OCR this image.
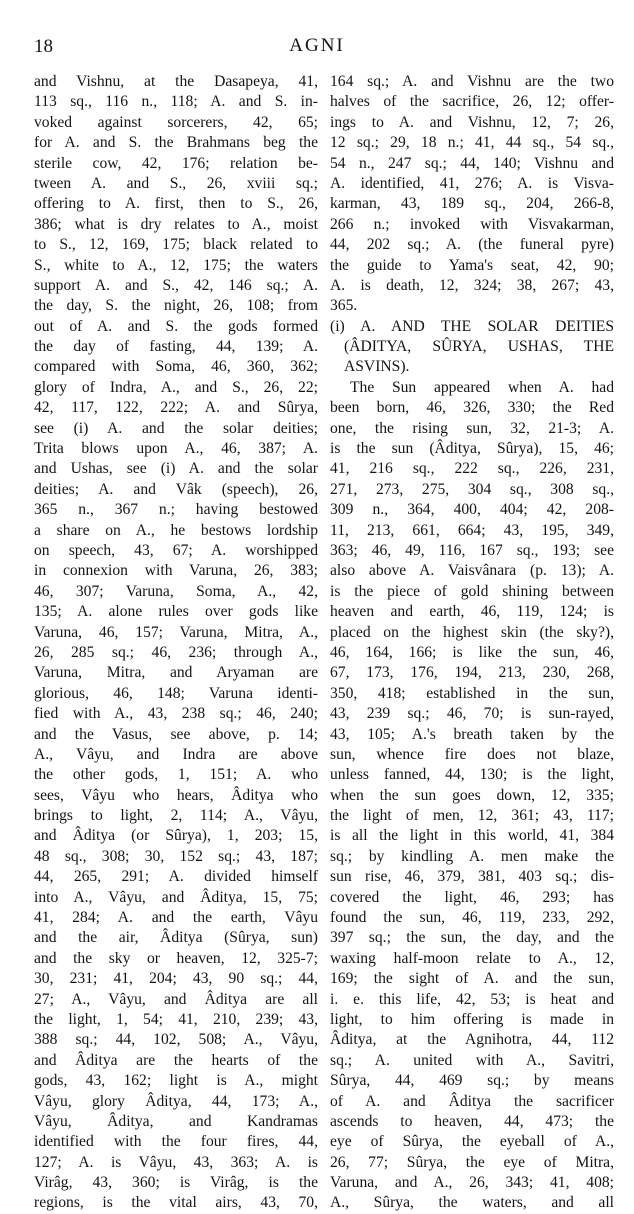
18	AGNI
and Vishnu, at the Dasapeya, 41,
113 sq., 116 n., 118; A. and S. in-
voked against sorcerers, 42, 65;
for A. and S. the Brahmans beg the
sterile cow, 42, 176; relation be-
tween A. and S., 26, xviii sq.;
offering to A. first, then to S., 26,
386; what is dry relates to A., moist
to S., 12, 169, 175; black related to
S., white to A., 12, 175; the waters
support A. and S., 42, 146 sq.; A.
the day, S. the night, 26, 108; from
out of A. and S. the gods formed
the day of fasting, 44, 139; A.
compared with Soma, 46, 360, 362;
glory of Indra, A., and S., 26, 22;
42, 117, 122, 222; A. and Sûrya,
see (i) A. and the solar deities;
Trita blows upon A., 46, 387; A.
and Ushas, see (i) A. and the solar
deities; A. and Vâk (speech), 26,
365 n., 367 n.; having bestowed
a share on A., he bestows lordship
on speech, 43, 67; A. worshipped
in connexion with Varuna, 26, 383;
46, 307; Varuna, Soma, A., 42,
135; A. alone rules over gods like
Varuna, 46, 157; Varuna, Mitra, A.,
26, 285 sq.; 46, 236; through A.,
Varuna, Mitra, and Aryaman are
glorious, 46, 148; Varuna identi-
fied with A., 43, 238 sq.; 46, 240;
and the Vasus, see above, p. 14;
A., Vâyu, and Indra are above
the other gods, 1, 151; A. who
sees, Vâyu who hears, Âditya who
brings to light, 2, 114; A., Vâyu,
and Âditya (or Sûrya), 1, 203; 15,
48 sq., 308; 30, 152 sq.; 43, 187;
44, 265, 291; A. divided himself
into A., Vâyu, and Âditya, 15, 75;
41, 284; A. and the earth, Vâyu
and the air, Âditya (Sûrya, sun)
and the sky or heaven, 12, 325-7;
30, 231; 41, 204; 43, 90 sq.; 44,
27; A., Vâyu, and Âditya are all
the light, 1, 54; 41, 210, 239; 43,
388 sq.; 44, 102, 508; A., Vâyu,
and Âditya are the hearts of the
gods, 43, 162; light is A., might
Vâyu, glory Âditya, 44, 173; A.,
Vâyu, Âditya, and Kandramas
identified with the four fires, 44,
127; A. is Vâyu, 43, 363; A. is
Virâg, 43, 360; is Virâg, is the
regions, is the vital airs, 43, 70,
164 sq.; A. and Vishnu are the two
halves of the sacrifice, 26, 12; offer-
ings to A. and Vishnu, 12, 7; 26,
12 sq.; 29, 18 n.; 41, 44 sq., 54 sq.,
54 n., 247 sq.; 44, 140; Vishnu and
A. identified, 41, 276; A. is Visva-
karman, 43, 189 sq., 204, 266-8,
266 n.; invoked with Visvakarman,
44, 202 sq.; A. (the funeral pyre)
the guide to Yama's seat, 42, 90;
A. is death, 12, 324; 38, 267; 43,
365.
(i) A. AND THE SOLAR DEITIES
(ÂDITYA, SÛRYA, USHAS, THE
ASVINS).
The Sun appeared when A. had
been born, 46, 326, 330; the Red
one, the rising sun, 32, 21-3; A.
is the sun (Âditya, Sûrya), 15, 46;
41, 216 sq., 222 sq., 226, 231,
271, 273, 275, 304 sq., 308 sq.,
309 n., 364, 400, 404; 42, 208-
11, 213, 661, 664; 43, 195, 349,
363; 46, 49, 116, 167 sq., 193; see
also above A. Vaisvânara (p. 13); A.
is the piece of gold shining between
heaven and earth, 46, 119, 124; is
placed on the highest skin (the sky?),
46, 164, 166; is like the sun, 46,
67, 173, 176, 194, 213, 230, 268,
350, 418; established in the sun,
43, 239 sq.; 46, 70; is sun-rayed,
43, 105; A.'s breath taken by the
sun, whence fire does not blaze,
unless fanned, 44, 130; is the light,
when the sun goes down, 12, 335;
the light of men, 12, 361; 43, 117;
is all the light in this world, 41, 384
sq.; by kindling A. men make the
sun rise, 46, 379, 381, 403 sq.; dis-
covered the light, 46, 293; has
found the sun, 46, 119, 233, 292,
397 sq.; the sun, the day, and the
waxing half-moon relate to A., 12,
169; the sight of A. and the sun,
i. e. this life, 42, 53; is heat and
light, to him offering is made in
Âditya, at the Agnihotra, 44, 112
sq.; A. united with A., Savitri,
Sûrya, 44, 469 sq.; by means
of A. and Âditya the sacrificer
ascends to heaven, 44, 473; the
eye of Sûrya, the eyeball of A.,
26, 77; Sûrya, the eye of Mitra,
Varuna, and A., 26, 343; 41, 408;
A., Sûrya, the waters, and all
